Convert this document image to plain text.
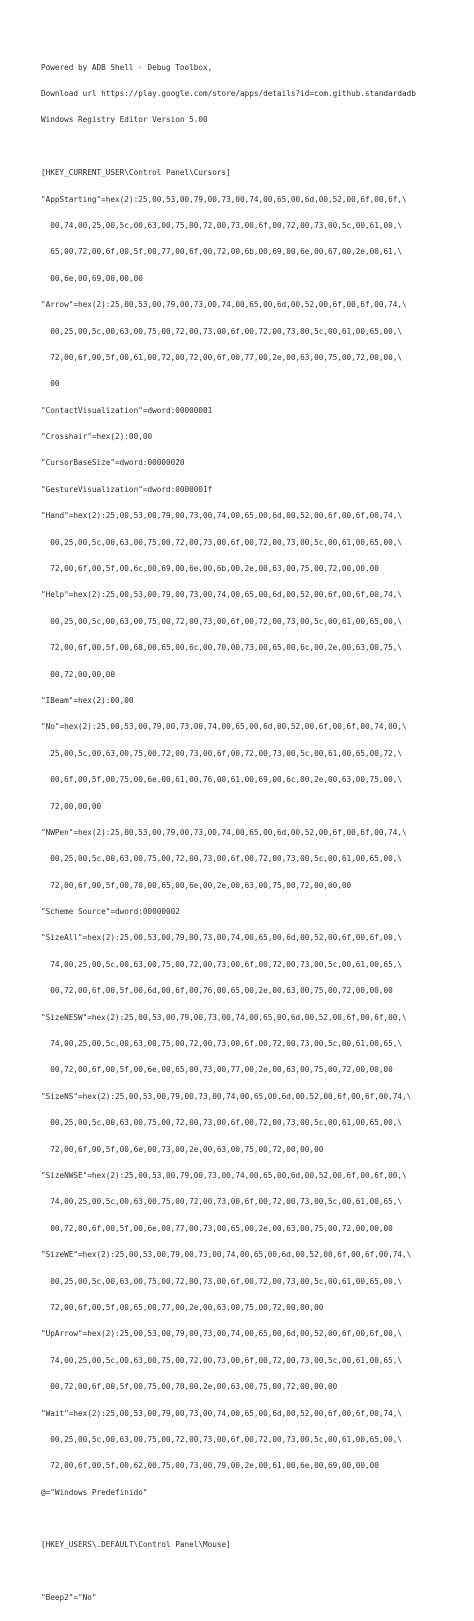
Powered by ADB Shell - Debug Toolbox,

Download url https://play.google.com/store/apps/details?id=com.github.standardadb

Windows Registry Editor Version 5.00

[HKEY_CURRENT_USER\Control Panel\Cursors]

"AppStarting"=hex(2):25,00,53,00,79,00,73,00,74,00,65,00,6d,00,52,00,6f,00,6f,\

00,74,00,25,00,5c,00,63,00,75,00,72,00,73,00,6f,00,72,00,73,00,5c,00,61,00,\

65,00,72,00,6f,00,5f,00,77,00,6f,00,72,00,6b,00,69,00,6e,00,67,00,2e,00,61,\

00,6e,00,69,00,00,00

"Arrow"=hex(2):25,00,53,00,79,00,73,00,74,00,65,00,6d,00,52,00,6f,00,6f,00,74,\

00,25,00,5c,00,63,00,75,00,72,00,73,00,6f,00,72,00,73,00,5c,00,61,00,65,00,\

72,00,6f,00,5f,00,61,00,72,00,72,00,6f,00,77,00,2e,00,63,00,75,00,72,00,00,\

00

"ContactVisualization"=dword:00000001

"Crosshair"=hex(2):00,00

"CursorBaseSize"=dword:00000020

"GestureVisualization"=dword:0000001f

"Hand"=hex(2):25,00,53,00,79,00,73,00,74,00,65,00,6d,00,52,00,6f,00,6f,00,74,\

00,25,00,5c,00,63,00,75,00,72,00,73,00,6f,00,72,00,73,00,5c,00,61,00,65,00,\

72,00,6f,00,5f,00,6c,00,69,00,6e,00,6b,00,2e,00,63,00,75,00,72,00,00,00

"Help"=hex(2):25,00,53,00,79,00,73,00,74,00,65,00,6d,00,52,00,6f,00,6f,00,74,\

00,25,00,5c,00,63,00,75,00,72,00,73,00,6f,00,72,00,73,00,5c,00,61,00,65,00,\

72,00,6f,00,5f,00,68,00,65,00,6c,00,70,00,73,00,65,00,6c,00,2e,00,63,00,75,\

00,72,00,00,00

"IBeam"=hex(2):00,00

"No"=hex(2):25,00,53,00,79,00,73,00,74,00,65,00,6d,00,52,00,6f,00,6f,00,74,00,\

25,00,5c,00,63,00,75,00,72,00,73,00,6f,00,72,00,73,00,5c,00,61,00,65,00,72,\

00,6f,00,5f,00,75,00,6e,00,61,00,76,00,61,00,69,00,6c,00,2e,00,63,00,75,00,\

72,00,00,00

"NWPen"=hex(2):25,00,53,00,79,00,73,00,74,00,65,00,6d,00,52,00,6f,00,6f,00,74,\

00,25,00,5c,00,63,00,75,00,72,00,73,00,6f,00,72,00,73,00,5c,00,61,00,65,00,\

72,00,6f,00,5f,00,70,00,65,00,6e,00,2e,00,63,00,75,00,72,00,00,00

"Scheme Source"=dword:00000002

"SizeAll"=hex(2):25,00,53,00,79,00,73,00,74,00,65,00,6d,00,52,00,6f,00,6f,00,\

74,00,25,00,5c,00,63,00,75,00,72,00,73,00,6f,00,72,00,73,00,5c,00,61,00,65,\

00,72,00,6f,00,5f,00,6d,00,6f,00,76,00,65,00,2e,00,63,00,75,00,72,00,00,00

"SizeNESW"=hex(2):25,00,53,00,79,00,73,00,74,00,65,00,6d,00,52,00,6f,00,6f,00,\

74,00,25,00,5c,00,63,00,75,00,72,00,73,00,6f,00,72,00,73,00,5c,00,61,00,65,\

00,72,00,6f,00,5f,00,6e,00,65,00,73,00,77,00,2e,00,63,00,75,00,72,00,00,00

"SizeNS"=hex(2):25,00,53,00,79,00,73,00,74,00,65,00,6d,00,52,00,6f,00,6f,00,74,\

00,25,00,5c,00,63,00,75,00,72,00,73,00,6f,00,72,00,73,00,5c,00,61,00,65,00,\

72,00,6f,00,5f,00,6e,00,73,00,2e,00,63,00,75,00,72,00,00,00

"SizeNWSE"=hex(2):25,00,53,00,79,00,73,00,74,00,65,00,6d,00,52,00,6f,00,6f,00,\

74,00,25,00,5c,00,63,00,75,00,72,00,73,00,6f,00,72,00,73,00,5c,00,61,00,65,\

00,72,00,6f,00,5f,00,6e,00,77,00,73,00,65,00,2e,00,63,00,75,00,72,00,00,00

"SizeWE"=hex(2):25,00,53,00,79,00,73,00,74,00,65,00,6d,00,52,00,6f,00,6f,00,74,\

00,25,00,5c,00,63,00,75,00,72,00,73,00,6f,00,72,00,73,00,5c,00,61,00,65,00,\

72,00,6f,00,5f,00,65,00,77,00,2e,00,63,00,75,00,72,00,00,00

"UpArrow"=hex(2):25,00,53,00,79,00,73,00,74,00,65,00,6d,00,52,00,6f,00,6f,00,\

74,00,25,00,5c,00,63,00,75,00,72,00,73,00,6f,00,72,00,73,00,5c,00,61,00,65,\

00,72,00,6f,00,5f,00,75,00,70,00,2e,00,63,00,75,00,72,00,00,00

"Wait"=hex(2):25,00,53,00,79,00,73,00,74,00,65,00,6d,00,52,00,6f,00,6f,00,74,\

00,25,00,5c,00,63,00,75,00,72,00,73,00,6f,00,72,00,73,00,5c,00,61,00,65,00,\

72,00,6f,00,5f,00,62,00,75,00,73,00,79,00,2e,00,61,00,6e,00,69,00,00,00

@="Windows Predefinido"

[HKEY_USERS\.DEFAULT\Control Panel\Mouse]

"Beep2"="No"
